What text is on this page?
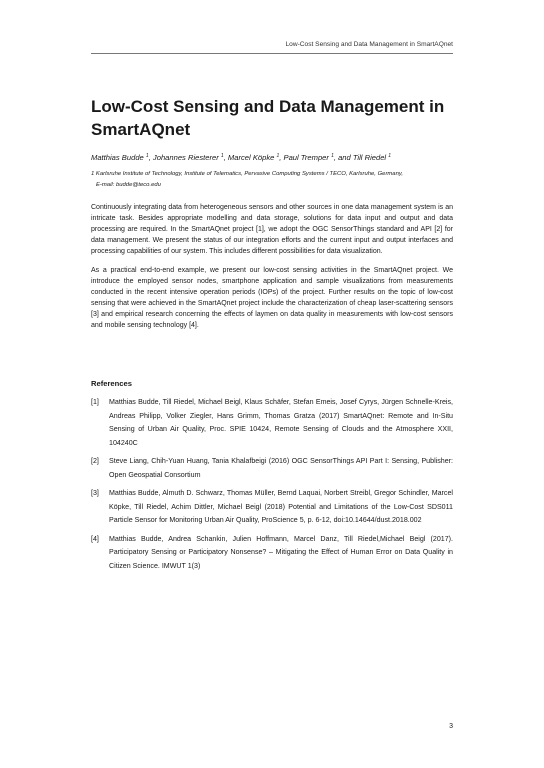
Low-Cost Sensing and Data Management in SmartAQnet
Low-Cost Sensing and Data Management in
SmartAQnet

Matthias Budde $^1$, Johannes Riesterer $^1$, Marcel Köpke $^1$, Paul Tremper $^1$, and Till Riedel $^1$

1 Karlsruhe Institute of Technology, Institute of Telematics, Pervasive Computing Systems / TECO, Karlsruhe, Germany,
E-mail: budde@teco.edu

Continuously integrating data from heterogeneous sensors and other sources in one data management system is an intricate task. Besides appropriate modelling and data storage, solutions for data input and output and data processing are required. In the SmartAQnet project [1], we adopt the OGC SensorThings standard and API [2] for data management. We present the status of our integration efforts and the current input and output interfaces and processing capabilities of our system. This includes different possibilities for data visualization.

As a practical end-to-end example, we present our low-cost sensing activities in the SmartAQnet project. We introduce the employed sensor nodes, smartphone application and sample visualizations from measurements conducted in the recent intensive operation periods (IOPs) of the project. Further results on the topic of low-cost sensing that were achieved in the SmartAQnet project include the characterization of cheap laser-scattering sensors [3] and empirical research concerning the effects of laymen on data quality in measurements with low-cost sensors and mobile sensing technology [4].

References
[1] Matthias Budde, Till Riedel, Michael Beigl, Klaus Schäfer, Stefan Emeis, Josef Cyrys, Jürgen Schnelle-Kreis, Andreas Philipp, Volker Ziegler, Hans Grimm, Thomas Gratza (2017) SmartAQnet: Remote and In-Situ Sensing of Urban Air Quality, Proc. SPIE 10424, Remote Sensing of Clouds and the Atmosphere XXII, 104240C
[2] Steve Liang, Chih-Yuan Huang, Tania Khalafbeigi (2016) OGC SensorThings API Part I: Sensing, Publisher: Open Geospatial Consortium
[3] Matthias Budde, Almuth D. Schwarz, Thomas Müller, Bernd Laquai, Norbert Streibl, Gregor Schindler, Marcel Köpke, Till Riedel, Achim Dittler, Michael Beigl (2018) Potential and Limitations of the Low-Cost SDS011 Particle Sensor for Monitoring Urban Air Quality, ProScience 5, p. 6-12, doi:10.14644/dust.2018.002
[4] Matthias Budde, Andrea Schankin, Julien Hoffmann, Marcel Danz, Till Riedel,Michael Beigl (2017). Participatory Sensing or Participatory Nonsense? – Mitigating the Effect of Human Error on Data Quality in Citizen Science. IMWUT 1(3)
3
